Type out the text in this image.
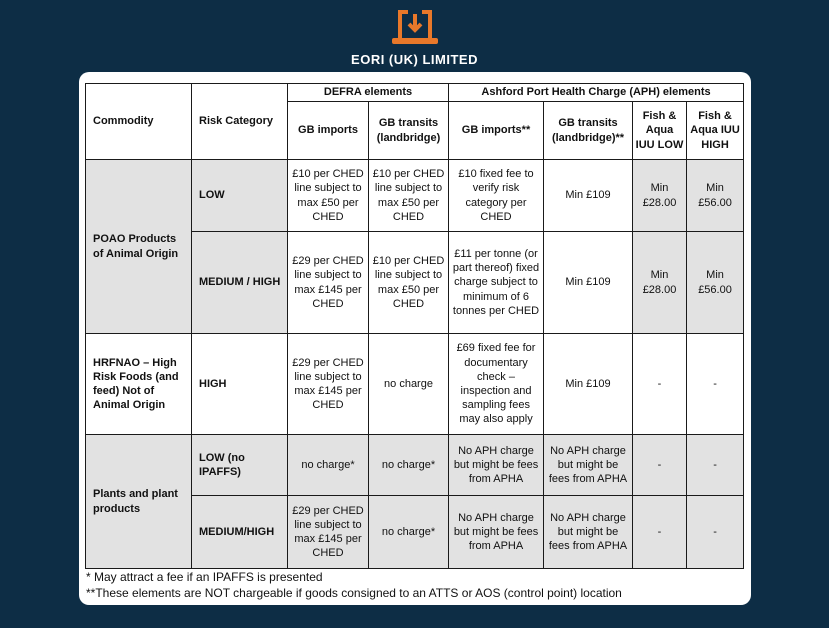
EORI (UK) LIMITED
Commodity	Risk Category	DEFRA elements		Ashford Port Health Charge (APH) elements			
		GB imports	GB transits (landbridge)	GB imports**	GB transits (landbridge)**	Fish & Aqua IUU LOW	Fish & Aqua IUU HIGH
POAO Products of Animal Origin	LOW	£10 per CHED line subject to max £50 per CHED	£10 per CHED line subject to max £50 per CHED	£10 fixed fee to verify risk category per CHED	Min £109	Min £28.00	Min £56.00
	MEDIUM / HIGH	£29 per CHED line subject to max £145 per CHED	£10 per CHED line subject to max £50 per CHED	£11 per tonne (or part thereof) fixed charge subject to minimum of 6 tonnes per CHED	Min £109	Min £28.00	Min £56.00
HRFNAO – High Risk Foods (and feed) Not of Animal Origin	HIGH	£29 per CHED line subject to max £145 per CHED	no charge	£69 fixed fee for documentary check – inspection and sampling fees may also apply	Min £109	-	-
Plants and plant products	LOW (no IPAFFS)	no charge*	no charge*	No APH charge but might be fees from APHA	No APH charge but might be fees from APHA	-	-
	MEDIUM/HIGH	£29 per CHED line subject to max £145 per CHED	no charge*	No APH charge but might be fees from APHA	No APH charge but might be fees from APHA	-	-
* May attract a fee if an IPAFFS is presented
**These elements are NOT chargeable if goods consigned to an ATTS or AOS (control point) location
